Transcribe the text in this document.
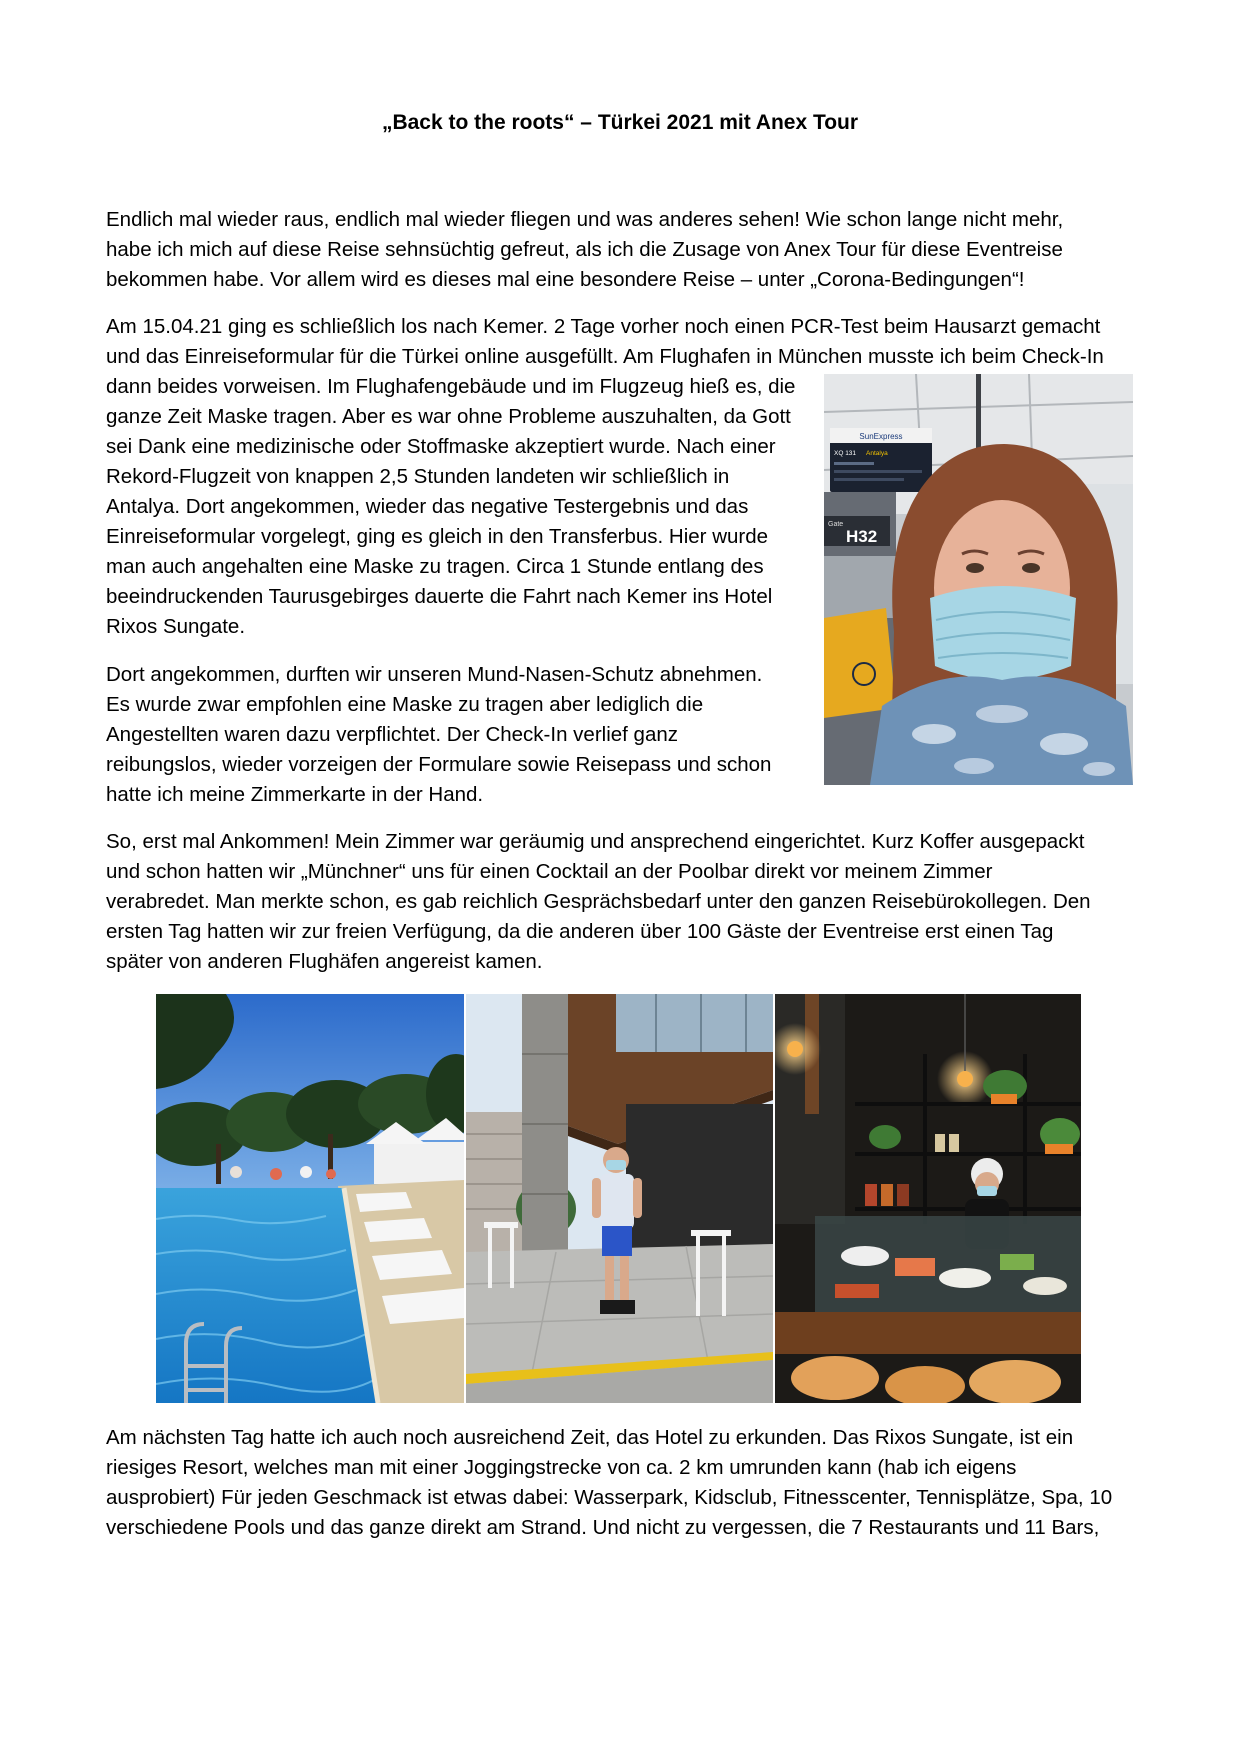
„Back to the roots“ – Türkei 2021 mit Anex Tour
Endlich mal wieder raus, endlich mal wieder fliegen und was anderes sehen! Wie schon lange nicht mehr,
habe ich mich auf diese Reise sehnsüchtig gefreut, als ich die Zusage von Anex Tour für diese Eventreise
bekommen habe. Vor allem wird es dieses mal eine besondere Reise – unter „Corona-Bedingungen“!
Am 15.04.21 ging es schließlich los nach Kemer. 2 Tage vorher noch einen PCR-Test beim Hausarzt gemacht
und das Einreiseformular für die Türkei online ausgefüllt. Am Flughafen in München musste ich beim Check-In
dann beides vorweisen. Im Flughafengebäude und im Flugzeug hieß es, die
ganze Zeit Maske tragen. Aber es war ohne Probleme auszuhalten, da Gott
sei Dank eine medizinische oder Stoffmaske akzeptiert wurde. Nach einer
Rekord-Flugzeit von knappen 2,5 Stunden landeten wir schließlich in
Antalya. Dort angekommen, wieder das negative Testergebnis und das
Einreiseformular vorgelegt, ging es gleich in den Transferbus. Hier wurde
man auch angehalten eine Maske zu tragen. Circa 1 Stunde entlang des
beeindruckenden Taurusgebirges dauerte die Fahrt nach Kemer ins Hotel
Rixos Sungate.
Dort angekommen, durften wir unseren Mund-Nasen-Schutz abnehmen.
Es wurde zwar empfohlen eine Maske zu tragen aber lediglich die
Angestellten waren dazu verpflichtet. Der Check-In verlief ganz
reibungslos, wieder vorzeigen der Formulare sowie Reisepass und schon
hatte ich meine Zimmerkarte in der Hand.
So, erst mal Ankommen! Mein Zimmer war geräumig und ansprechend eingerichtet. Kurz Koffer ausgepackt
und schon hatten wir „Münchner“ uns für einen Cocktail an der Poolbar direkt vor meinem Zimmer
verabredet. Man merkte schon, es gab reichlich Gesprächsbedarf unter den ganzen Reisebürokollegen. Den
ersten Tag hatten wir zur freien Verfügung, da die anderen über 100 Gäste der Eventreise erst einen Tag
später von anderen Flughäfen angereist kamen.
Am nächsten Tag hatte ich auch noch ausreichend Zeit, das Hotel zu erkunden. Das Rixos Sungate, ist ein
riesiges Resort, welches man mit einer Joggingstrecke von ca. 2 km umrunden kann (hab ich eigens
ausprobiert) Für jeden Geschmack ist etwas dabei: Wasserpark, Kidsclub, Fitnesscenter, Tennisplätze, Spa, 10
verschiedene Pools und das ganze direkt am Strand. Und nicht zu vergessen, die 7 Restaurants und 11 Bars,
SunExpress
XQ 131 Antalya
Gate
H32
